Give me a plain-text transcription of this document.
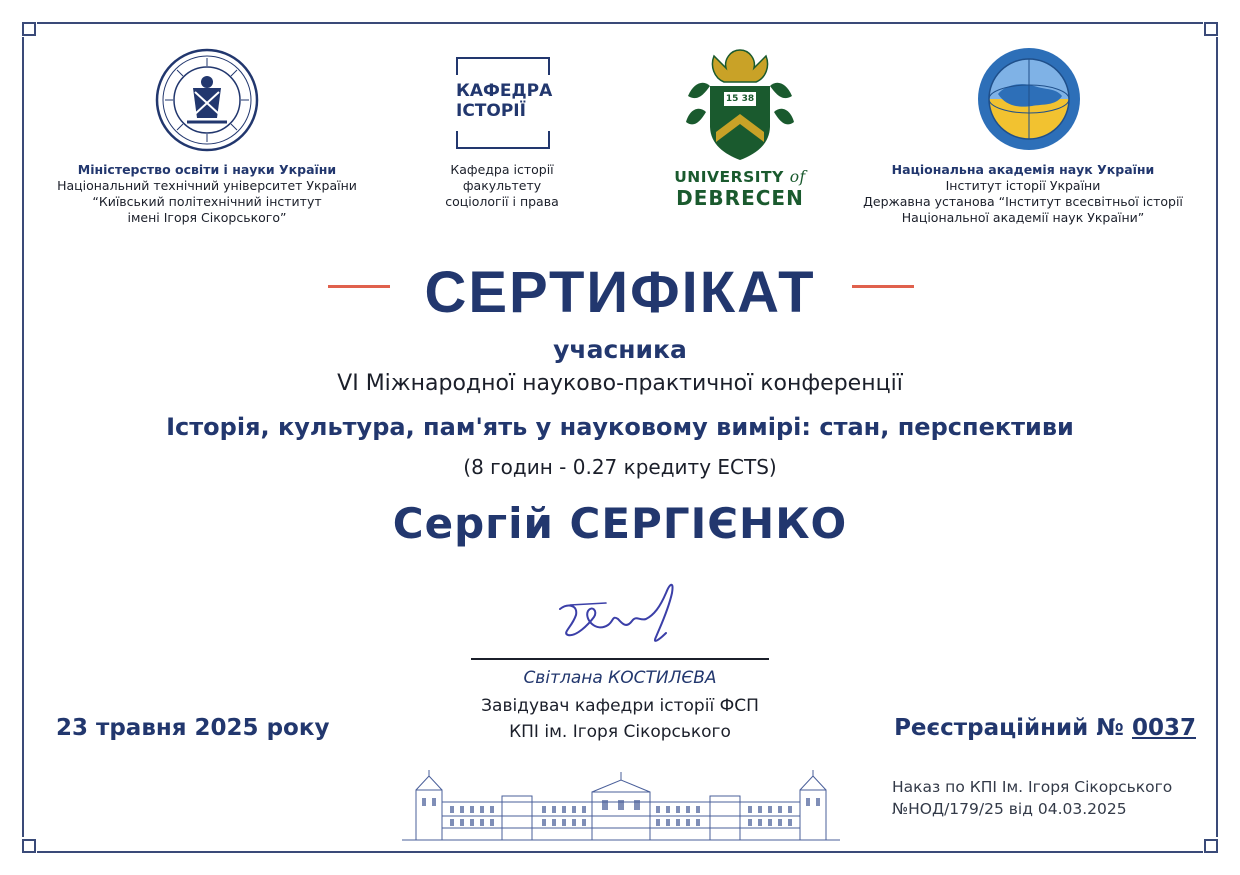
Міністерство освіти і науки України
Національний технічний університет України
“Київський політехнічний інститут
імені Ігоря Сікорського”
КАФЕДРА
ІСТОРІЇ
Кафедра історії
факультету
соціології і права
15 38
UNIVERSITY of
DEBRECEN
Національна академія наук України
Інститут історії України
Державна установа “Інститут всесвітньої історії
Національної академії наук України”
СЕРТИФІКАТ
учасника
VI Міжнародної науково-практичної конференції
Історія, культура, пам'ять у науковому вимірі: стан, перспективи
(8 годин - 0.27 кредиту ECTS)
Сергій СЕРГІЄНКО
Світлана КОСТИЛЄВА
Завідувач кафедри історії ФСП
КПІ ім. Ігоря Сікорського
23 травня 2025 року	Реєстраційний № 0037
Наказ по КПІ Ім. Ігоря Сікорського
№НОД/179/25 від 04.03.2025
